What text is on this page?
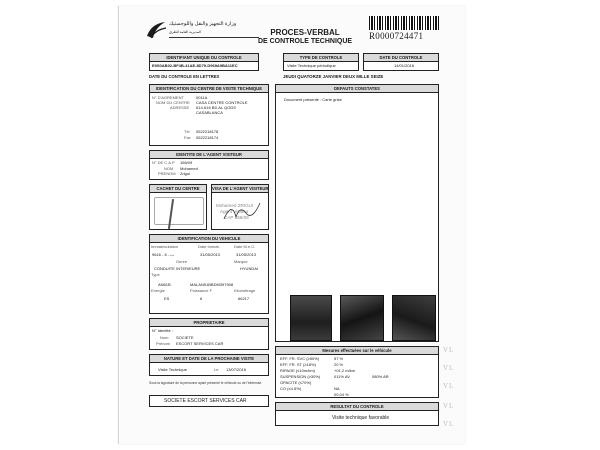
وزارة التجهيز والنقل واللوجستيك
المديرية العامة للطرق	PROCES-VERBAL
DE CONTROLE TECHNIQUE
R0000724471
IDENTIFIANT UNIQUE DU CONTROLE
E9S0AB02-BF4B-41AE-8D79-D969A9BA11EC
TYPE DE CONTROLE
Visite Technique périodique
DATE DU CONTROLE
14/01/2016
DATE DU CONTROLE EN LETTRES	JEUDI QUATORZE JANVIER DEUX MILLE SEIZE
IDENTIFICATION DU CENTRE DE VISITE TECHNIQUE
N° D'AGREMENT	0011A
NOM DU CENTRE CASA CENTRE CONTROLE
ADRESSE 614-616 BD AL QODS
CASABLANCA
Tél 0522218178
Fax 0522218174
IDENTITE DE L'AGENT VISITEUR
N° DE C.A.P 166/09
NOM Mohamed
PRENOM Zrigui
CACHET DU CENTRE	VISA DE L'AGENT VISITEUR
Mohamed ZRIGUI
Agent Visiteur
CAP 166/09
IDENTIFICATION DU VEHICULE
Immatriculation	Date Immat.	Date M.e.C.
9616 - ب - 6	31/05/2013	31/05/2013
Genre	Marque
CONDUITE INTERIEURE	HYUNDAI
Type
AN61B	MALAN51BBDM397908
Energie	Puissance F	Kilométrage
ES	6	66217
PROPRIETAIRE
N° Identité :
Nom SOCIETE
Prénom ESCORT SERVICES CAR
NATURE ET DATE DE LA PROCHAINE VISITE
Visite Technique	Le 13/07/2016
Sous la signature de la personne ayant présenté le véhicule ou de l'intéressé.
SOCIETE ESCORT SERVICES CAR
DEFAUTS CONSTATES
Document présenté : Carte grise
Mesures effectuées sur le véhicule
EFF. FR. SVC (≥50%)	57 %
EFF. FR. ST (≥18%)	20 %
RIPAGE (≤10m/km)	+01,2 m/km
SUSPENSION (≥30%)	011% AV	080% AR
OPACITE (≤70%)
NA
CO (≤4.5%)
00,04 %
RESULTAT DU CONTROLE
Visite technique favorable
VL
VL
VL
VL
VL
